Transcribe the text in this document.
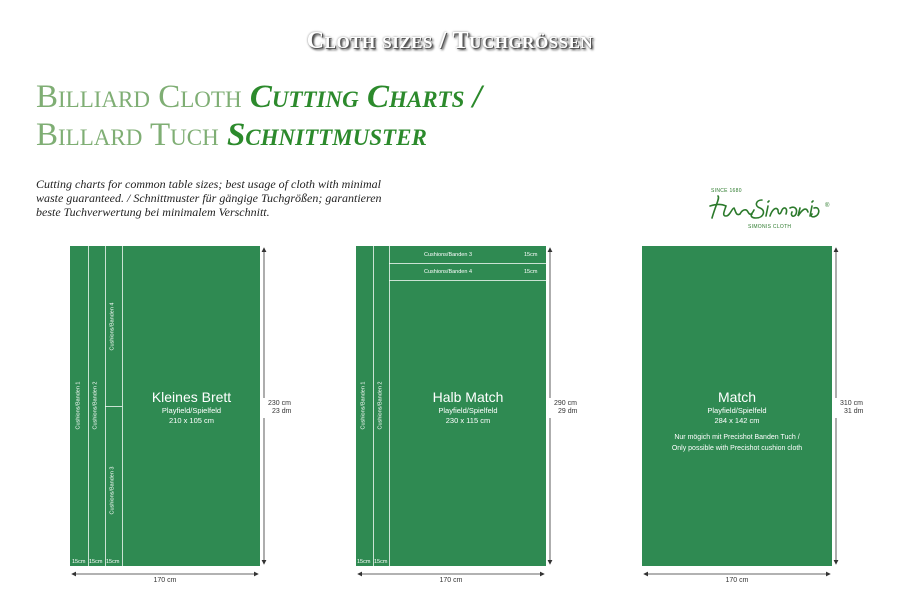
Cloth sizes / Tuchgrössen
Billiard Cloth Cutting Charts /
Billard Tuch Schnittmuster

Cutting charts for common table sizes; best usage of cloth with minimal
waste guaranteed. / Schnittmuster für gängige Tuchgrößen; garantieren
beste Tuchverwertung bei minimalem Verschnitt.

SINCE 1680
®
SIMONIS CLOTH
Cushions/Banden 1 Cushions/Banden 2
Cushions/Banden 4
Cushions/Banden 3
15cm 15cm 15cm
Kleines Brett
Playfield/Spielfeld
210 x 105 cm
Cushions/Banden 3
Cushions/Banden 4
15cm
15cm
Cushions/Banden 1 Cushions/Banden 2
15cm 15cm
Halb Match
Playfield/Spielfeld
230 x 115 cm
Match
Playfield/Spielfeld
284 x 142 cm
Nur mögich mit Precishot Banden Tuch /
Only possible with Precishot cushion cloth
230 cm
23 dm
290 cm
29 dm
310 cm
31 dm
170 cm	170 cm	170 cm
